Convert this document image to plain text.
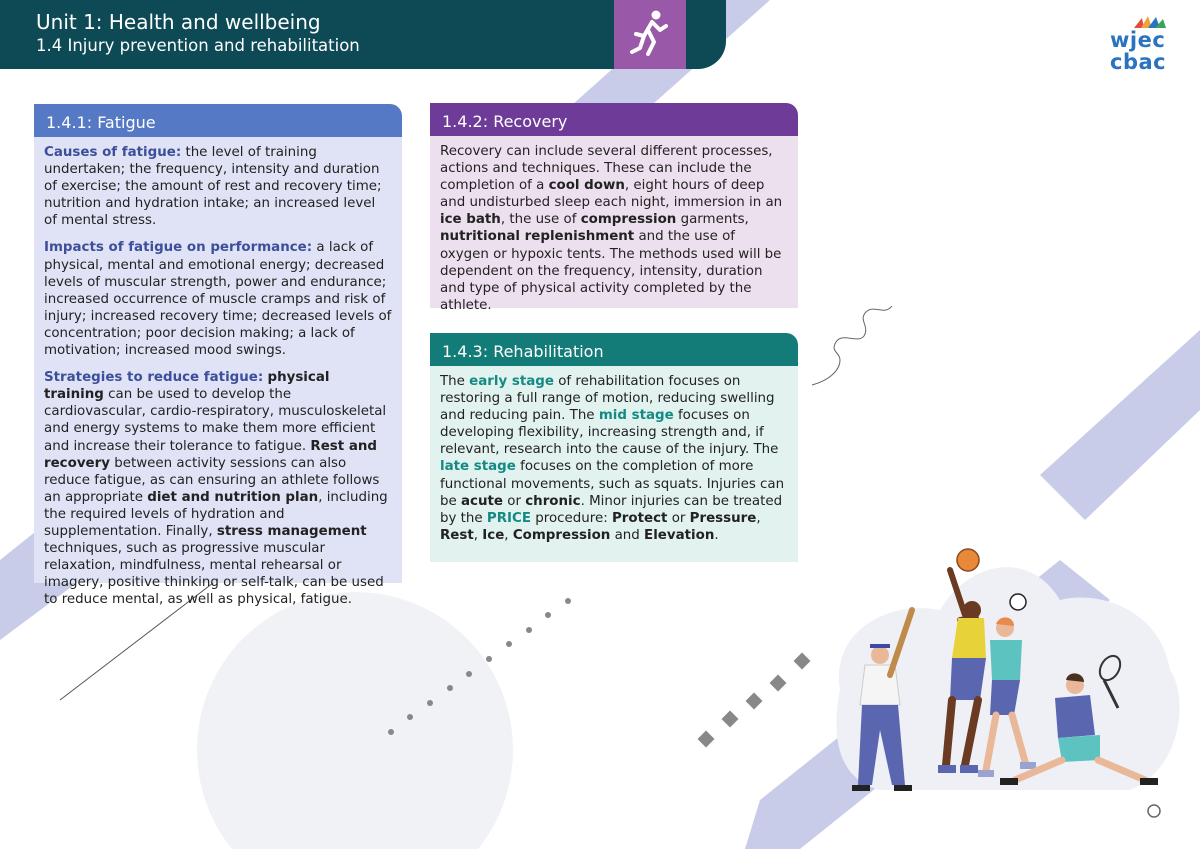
Unit 1: Health and wellbeing
1.4 Injury prevention and rehabilitation	wjec
cbac
1.4.1: Fatigue

Causes of fatigue: the level of training undertaken; the frequency, intensity and duration of exercise; the amount of rest and recovery time; nutrition and hydration intake; an increased level of mental stress.

Impacts of fatigue on performance: a lack of physical, mental and emotional energy; decreased levels of muscular strength, power and endurance; increased occurrence of muscle cramps and risk of injury; increased recovery time; decreased levels of concentration; poor decision making; a lack of motivation; increased mood swings.

Strategies to reduce fatigue: physical training can be used to develop the cardiovascular, cardio-respiratory, musculoskeletal and energy systems to make them more efficient and increase their tolerance to fatigue. Rest and recovery between activity sessions can also reduce fatigue, as can ensuring an athlete follows an appropriate diet and nutrition plan, including the required levels of hydration and supplementation. Finally, stress management techniques, such as progressive muscular relaxation, mindfulness, mental rehearsal or imagery, positive thinking or self-talk, can be used to reduce mental, as well as physical, fatigue.

1.4.2: Recovery

Recovery can include several different processes, actions and techniques. These can include the completion of a cool down, eight hours of deep and undisturbed sleep each night, immersion in an ice bath, the use of compression garments, nutritional replenishment and the use of oxygen or hypoxic tents. The methods used will be dependent on the frequency, intensity, duration and type of physical activity completed by the athlete.

1.4.3: Rehabilitation

The early stage of rehabilitation focuses on restoring a full range of motion, reducing swelling and reducing pain. The mid stage focuses on developing flexibility, increasing strength and, if relevant, research into the cause of the injury. The late stage focuses on the completion of more functional movements, such as squats. Injuries can be acute or chronic. Minor injuries can be treated by the PRICE procedure: Protect or Pressure, Rest, Ice, Compression and Elevation.
